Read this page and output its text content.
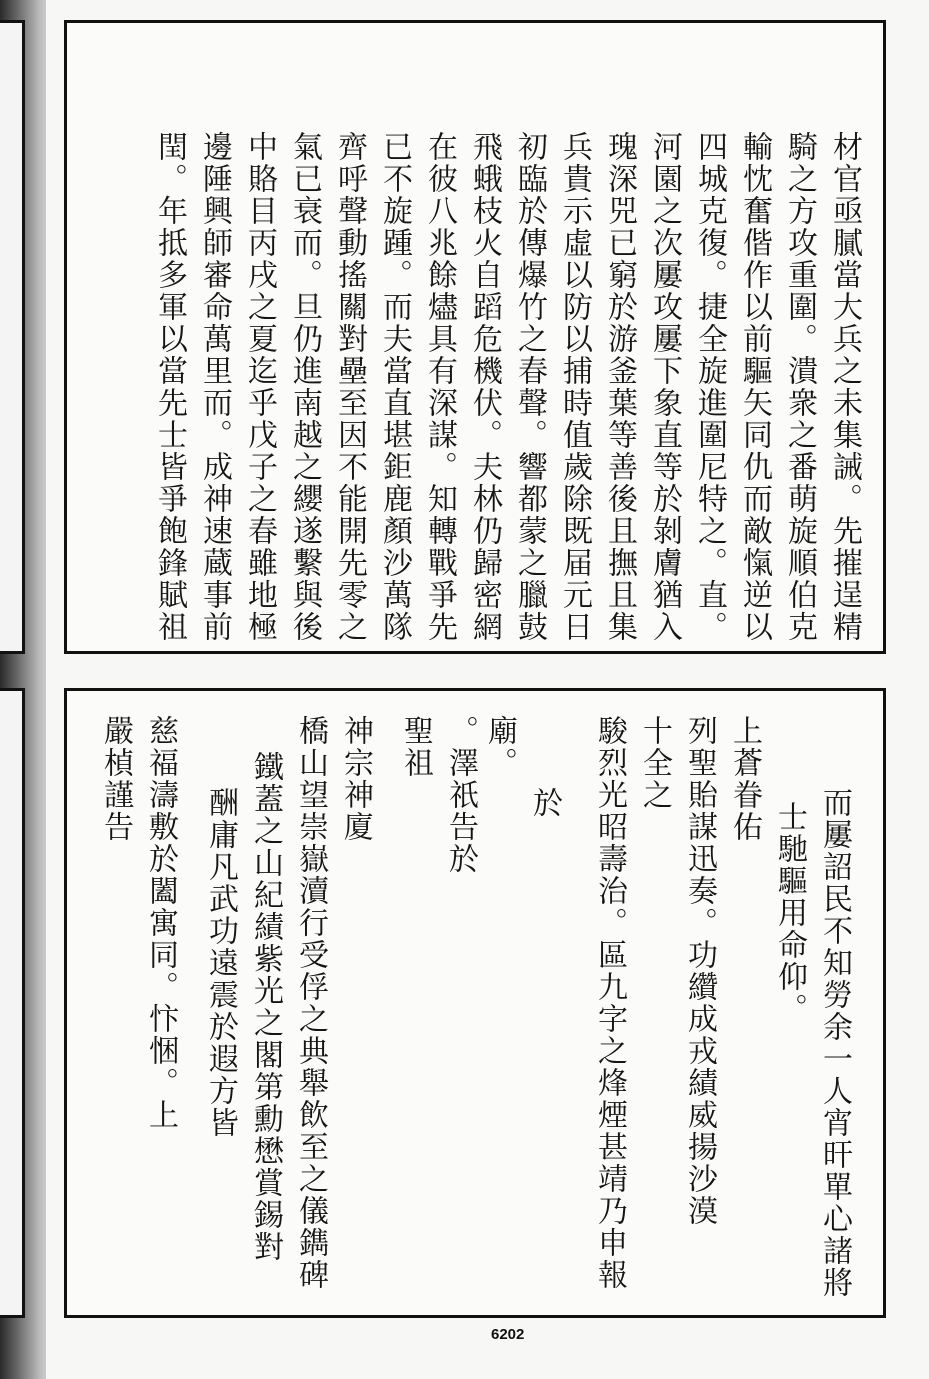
材官亟膩當大兵之未集誡。先摧逞精
騎之方攻重圍。潰衆之番萌旋順伯克
輸忱奮偕作以前驅矢同仇而敵愾逆以
四城克復。捷全旋進圍尼特之。直。
河園之次屢攻屢下象直等於剝膚猶入
瑰深兕已窮於游釜葉等善後且撫且集
兵貴示虛以防以捕時值歲除既届元日
初臨於傳爆竹之春聲。響都蒙之臘鼓
飛蛾枝火自蹈危機伏。夫林仍歸密網
在彼八兆餘燼具有深謀。知轉戰爭先
已不旋踵。而夫當直堪鉅鹿顏沙萬隊
齊呼聲動搖關對壘至因不能開先零之
氣已衰而。旦仍進南越之纓遂繫與後
中賂目丙戌之夏迄乎戊子之春雖地極
邊陲興師審命萬里而。成神速蔵事前
閏。年抵多軍以當先士皆爭飽鋒賦祖
而屢詔民不知勞余一人宵旰單心諸將
士馳驅用命仰。
上蒼眷佑
列聖貽謀迅奏。功纘成戎績威揚沙漠
十全之
駿烈光昭壽治。區九字之烽煙甚靖乃申報
於
廟。
。澤祇告於
聖祖
神宗神廈
橋山望崇嶽瀆行受俘之典舉飲至之儀鐫碑
鐵蓋之山紀績紫光之閣第勳懋賞錫對
酬庸凡武功遠震於遐方皆
慈福濤敷於闔寓同。忭悃。上
嚴楨謹告
6202
